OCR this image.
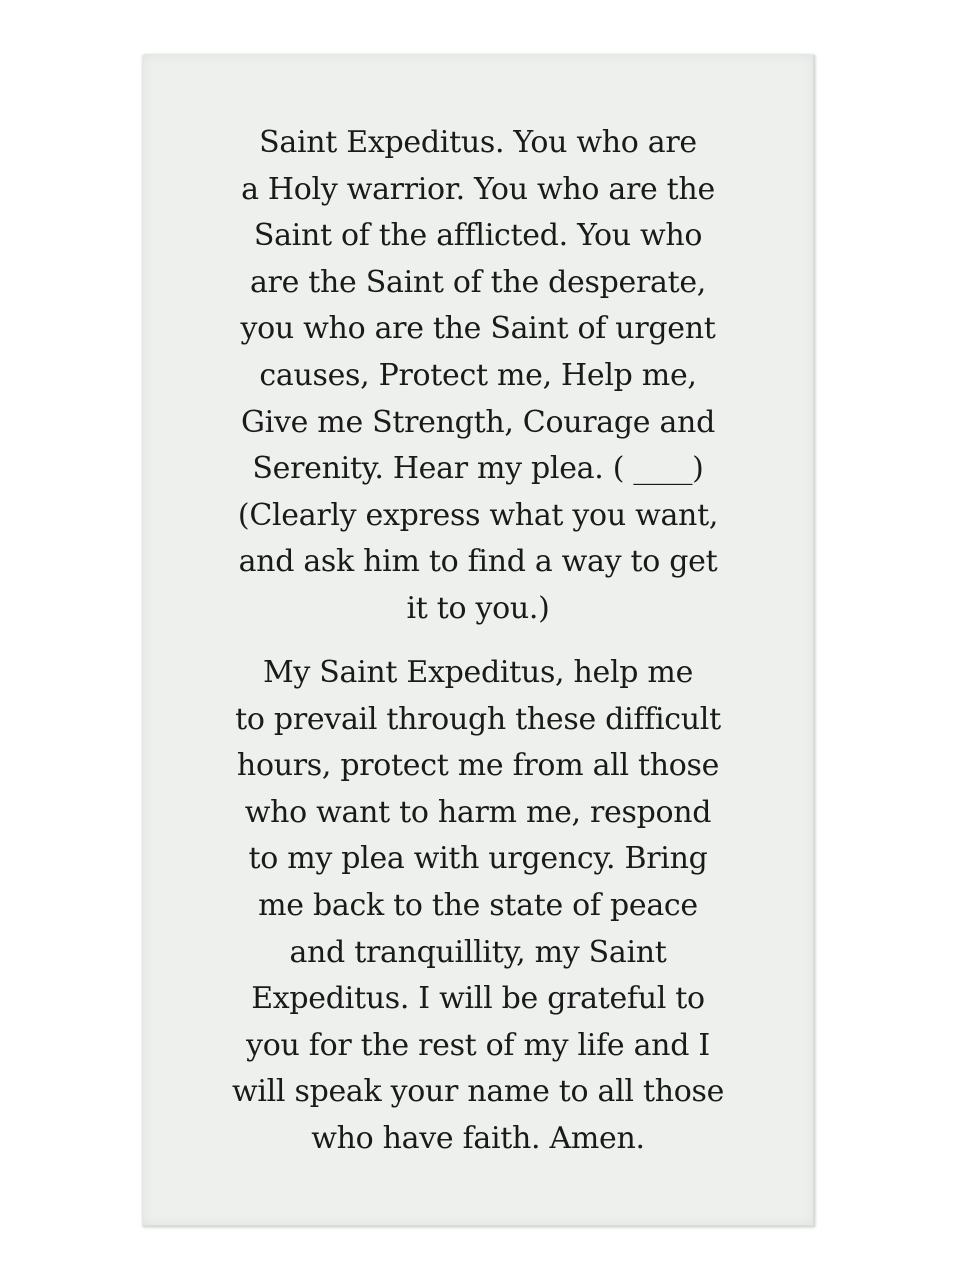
Saint Expeditus. You who are
a Holy warrior. You who are the
Saint of the afflicted. You who
are the Saint of the desperate,
you who are the Saint of urgent
causes, Protect me, Help me,
Give me Strength, Courage and
Serenity. Hear my plea. ( ____)
(Clearly express what you want,
and ask him to find a way to get
it to you.)
My Saint Expeditus, help me
to prevail through these difficult
hours, protect me from all those
who want to harm me, respond
to my plea with urgency. Bring
me back to the state of peace
and tranquillity, my Saint
Expeditus. I will be grateful to
you for the rest of my life and I
will speak your name to all those
who have faith. Amen.
